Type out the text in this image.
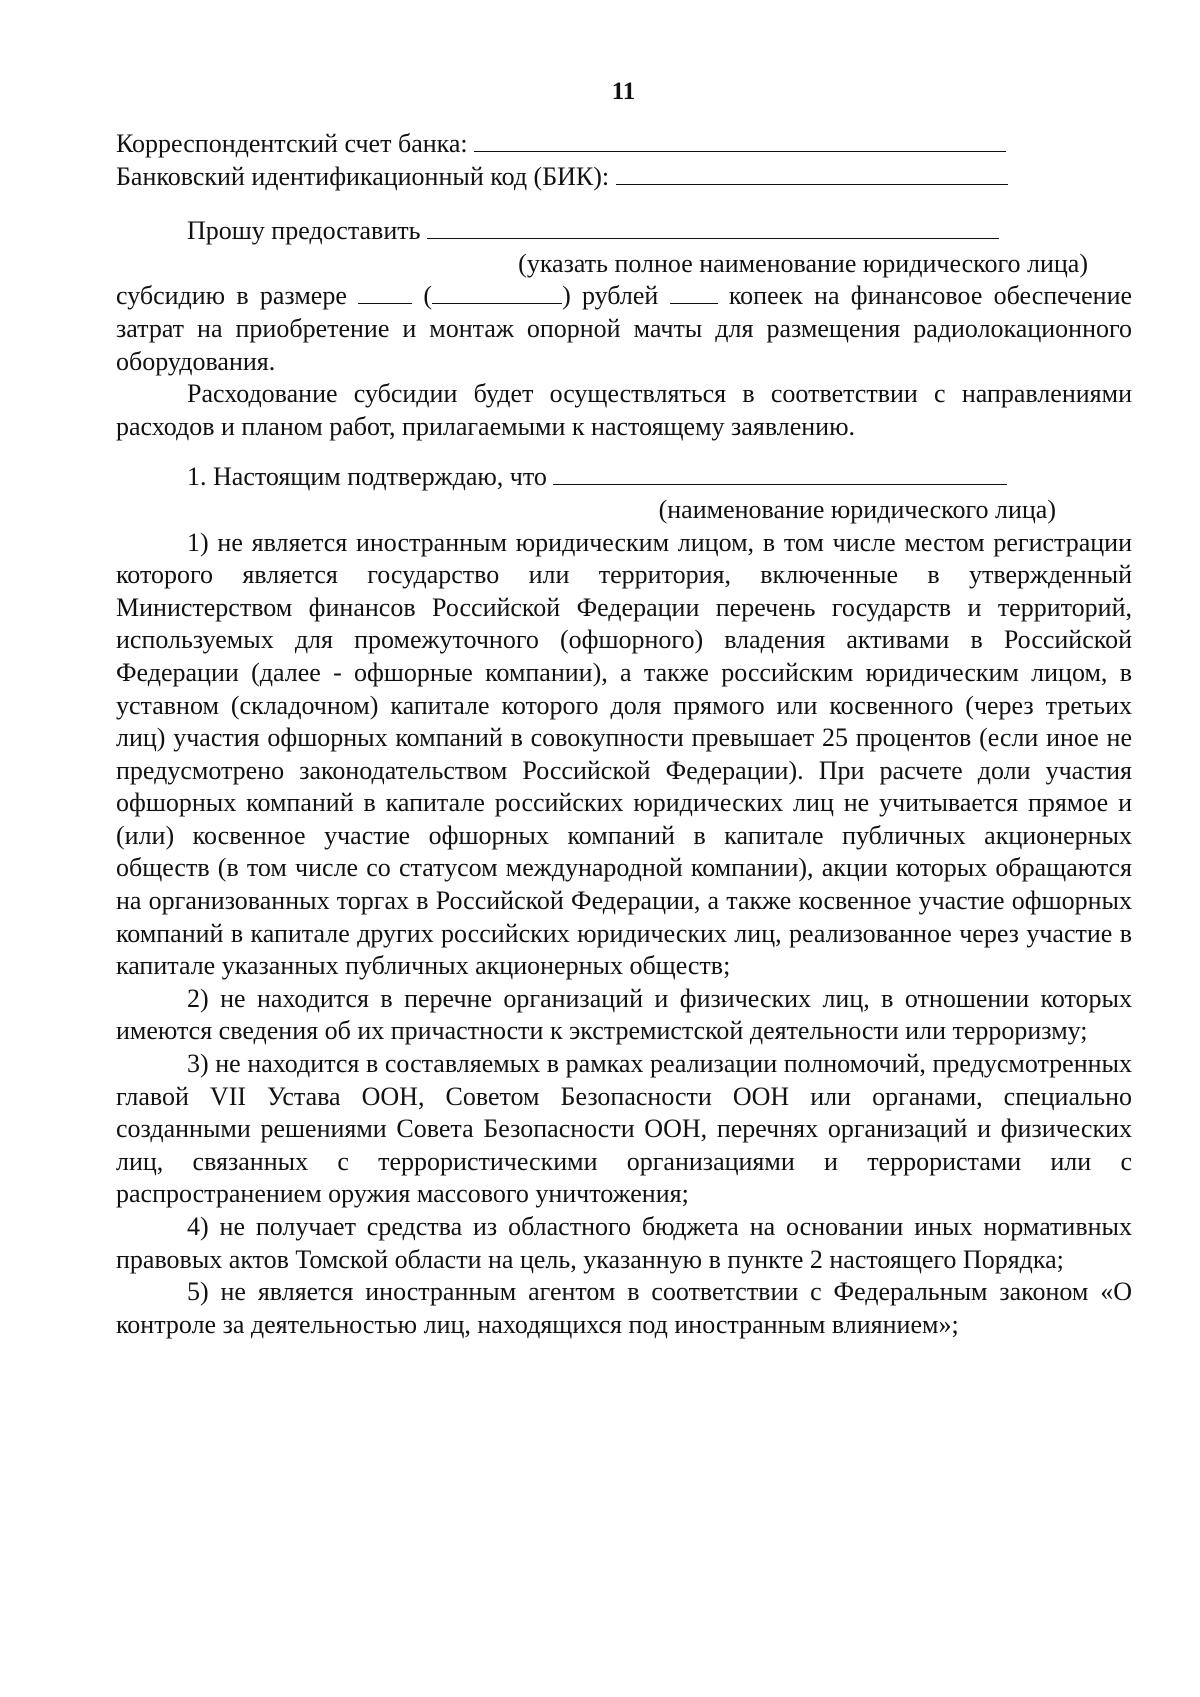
11
Корреспондентский счет банка:
Банковский идентификационный код (БИК):
Прошу предоставить
(указать полное наименование юридического лица)

субсидию в размере	(	) рублей	копеек на финансовое обеспечение затрат на приобретение и монтаж опорной мачты для размещения радиолокационного оборудования.

Расходование субсидии будет осуществляться в соответствии с направлениями расходов и планом работ, прилагаемыми к настоящему заявлению.

1. Настоящим подтверждаю, что
(наименование юридического лица)

1) не является иностранным юридическим лицом, в том числе местом регистрации которого является государство или территория, включенные в утвержденный Министерством финансов Российской Федерации перечень государств и территорий, используемых для промежуточного (офшорного) владения активами в Российской Федерации (далее - офшорные компании), а также российским юридическим лицом, в уставном (складочном) капитале которого доля прямого или косвенного (через третьих лиц) участия офшорных компаний в совокупности превышает 25 процентов (если иное не предусмотрено законодательством Российской Федерации). При расчете доли участия офшорных компаний в капитале российских юридических лиц не учитывается прямое и (или) косвенное участие офшорных компаний в капитале публичных акционерных обществ (в том числе со статусом международной компании), акции которых обращаются на организованных торгах в Российской Федерации, а также косвенное участие офшорных компаний в капитале других российских юридических лиц, реализованное через участие в капитале указанных публичных акционерных обществ;

2) не находится в перечне организаций и физических лиц, в отношении которых имеются сведения об их причастности к экстремистской деятельности или терроризму;

3) не находится в составляемых в рамках реализации полномочий, предусмотренных главой VII Устава ООН, Советом Безопасности ООН или органами, специально созданными решениями Совета Безопасности ООН, перечнях организаций и физических лиц, связанных с террористическими организациями и террористами или с распространением оружия массового уничтожения;

4) не получает средства из областного бюджета на основании иных нормативных правовых актов Томской области на цель, указанную в пункте 2 настоящего Порядка;

5) не является иностранным агентом в соответствии с Федеральным законом «О контроле за деятельностью лиц, находящихся под иностранным влиянием»;
